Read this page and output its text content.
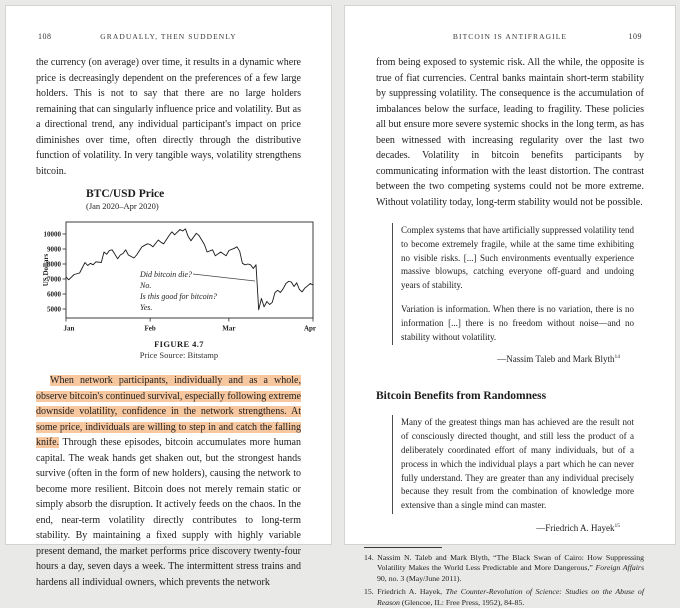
108	GRADUALLY, THEN SUDDENLY

the currency (on average) over time, it results in a dynamic where price is decreasingly dependent on the preferences of a few large holders. This is not to say that there are no large holders remaining that can singularly influence price and volatility. But as a directional trend, any individual participant's impact on price diminishes over time, often directly through the distributive function of volatility. In very tangible ways, volatility strengthens bitcoin.

BTC/USD Price
(Jan 2020–Apr 2020)
US Dollars
5000
6000
7000
8000
9000
10000
Jan	Feb	Mar	Apr
Did bitcoin die?
No.
Is this good for bitcoin?
Yes.
FIGURE 4.7
Price Source: Bitstamp

When network participants, individually and as a whole, observe bitcoin's continued survival, especially following extreme downside volatility, confidence in the network strengthens. At some price, individuals are willing to step in and catch the falling knife. Through these episodes, bitcoin accumulates more human capital. The weak hands get shaken out, but the strongest hands survive (often in the form of new holders), causing the network to become more resilient. Bitcoin does not merely remain static or simply absorb the disruption. It actively feeds on the chaos. In the end, near-term volatility directly contributes to long-term stability. By maintaining a fixed supply with highly variable present demand, the market performs price discovery twenty-four hours a day, seven days a week. The intermittent stress trains and hardens all individual owners, which prevents the network

BITCOIN IS ANTIFRAGILE	109

from being exposed to systemic risk. All the while, the opposite is true of fiat currencies. Central banks maintain short-term stability by suppressing volatility. The consequence is the accumulation of imbalances below the surface, leading to fragility. These policies all but ensure more severe systemic shocks in the long term, as has been witnessed with increasing regularity over the last two decades. Volatility in bitcoin benefits participants by communicating information with the least distortion. The contrast between the two competing systems could not be more extreme. Without volatility today, long-term stability would not be possible.

Complex systems that have artificially suppressed volatility tend to become extremely fragile, while at the same time exhibiting no visible risks. [...] Such environments eventually experience massive blowups, catching everyone off-guard and undoing years of stability.

Variation is information. When there is no variation, there is no information [...] there is no freedom without noise—and no stability without volatility.

—Nassim Taleb and Mark Blyth$^{14}$
Bitcoin Benefits from Randomness

Many of the greatest things man has achieved are the result not of consciously directed thought, and still less the product of a deliberately coordinated effort of many individuals, but of a process in which the individual plays a part which he can never fully understand. They are greater than any individual precisely because they result from the combination of knowledge more extensive than a single mind can master.

—Friedrich A. Hayek$^{15}$
14. Nassim N. Taleb and Mark Blyth, “The Black Swan of Cairo: How Suppressing Volatility Makes the World Less Predictable and More Dangerous,” Foreign Affairs 90, no. 3 (May/June 2011).
15. Friedrich A. Hayek, The Counter-Revolution of Science: Studies on the Abuse of Reason (Glencoe, IL: Free Press, 1952), 84-85.
